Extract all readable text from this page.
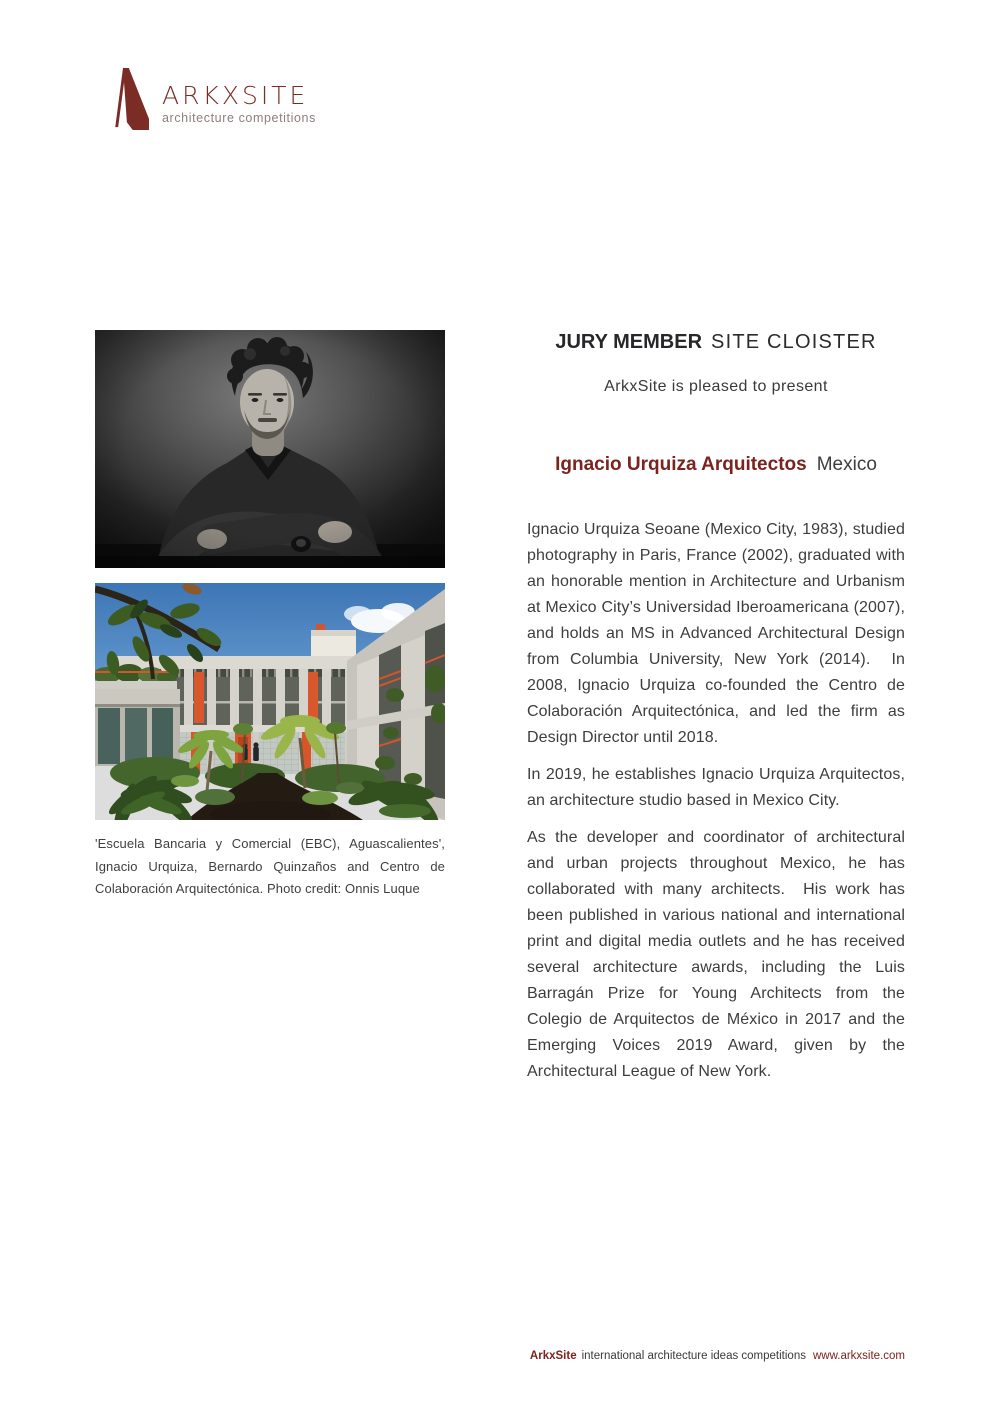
ARKXSITE
architecture competitions

'Escuela Bancaria y Comercial (EBC), Aguascalientes', Ignacio Urquiza, Bernardo Quinzaños and Centro de Colaboración Arquitectónica. Photo credit: Onnis Luque

JURY MEMBER SITE CLOISTER

ArkxSite is pleased to present

Ignacio Urquiza Arquitectos Mexico

Ignacio Urquiza Seoane (Mexico City, 1983), studied photography in Paris, France (2002), graduated with an honorable mention in Architecture and Urbanism at Mexico City’s Universidad Iberoamericana (2007), and holds an MS in Advanced Architectural Design from Columbia University, New York (2014).  In 2008, Ignacio Urquiza co-founded the Centro de Colaboración Arquitectónica, and led the firm as Design Director until 2018.

In 2019, he establishes Ignacio Urquiza Arquitectos, an architecture studio based in Mexico City.

As the developer and coordinator of architectural and urban projects throughout Mexico, he has collaborated with many architects.  His work has been published in various national and international print and digital media outlets and he has received several architecture awards, including the Luis Barragán Prize for Young Architects from the Colegio de Arquitectos de México in 2017 and the Emerging Voices 2019 Award, given by the Architectural League of New York.

ArkxSite international architecture ideas competitions www.arkxsite.com
